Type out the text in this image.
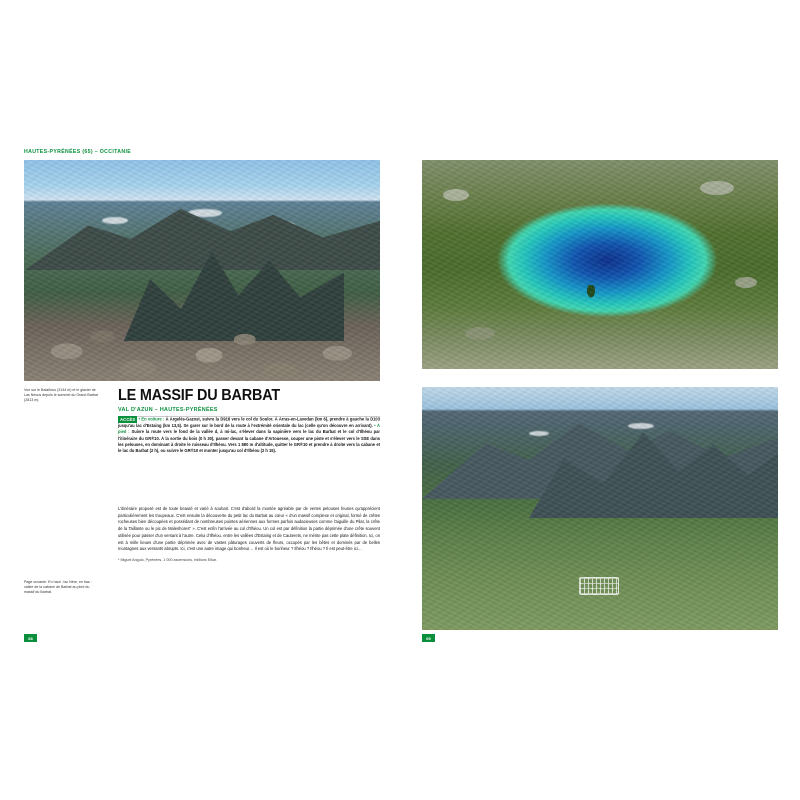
HAUTES-PYRÉNÉES (65) – OCCITANIE
Vue sur le Balaïtous (3144 m) et le glacier de Las Néous depuis le sommet du Grand Barbat (2813 m).	LE MASSIF DU BARBAT
VAL D'AZUN – HAUTES-PYRÉNÉES
ACCÈS • En voiture : À Argelès-Gazost, suivre la D918 vers le col du Soulor. À Arras-en-Lavedan (km 6), prendre à gauche la D103 jusqu'au lac d'Estaing (km 13,5). Se garer sur le bord de la route à l'extrémité orientale du lac (celle qu'on découvre en arrivant). • À pied : Suivre la route vers le fond de la vallée d, à mi-lac, s'élever dans la sapinière vers le lac du Barbat et le col d'Ilhéou par l'itinéraire du GR®10. À la sortie du bois (0 h 30), passer devant la cabane d'Artouesse, couper une piste et s'élever vers le SSE dans les pelouses, en dominant à droite le ruisseau d'Ilhéou. Vers 1 880 m d'altitude, quitter le GR®10 et prendre à droite vers la cabane et le lac du Barbat (2 h), ou suivre le GR®10 et monter jusqu'au col d'Ilhéou (2 h 15).

L'itinéraire proposé est de toute beauté et varié à souhait. C'est d'abord la montée agréable par de vertes pelouses feuries qu'apprécient particulièrement les troupeaux. C'est ensuite la découverte du petit lac du Barbat au cœur « d'un massif complexe et original, formé de crêtes rocheuses bien découpées et possédant de nombreuses pointes aériennes aux formes parfois audacieuses comme l'aiguille du Pilat, la crête de la Taillante ou le pic de Maleshores" ». C'est enfin l'arrivée au col d'Ilhéou. Un col est par définition la partie déprimée d'une crête souvent utilisée pour passer d'un versant à l'autre. Celui d'Ilhéou, entre les vallées d'Estaing et de Cauterets, ne mérite pas cette plate définition. Ici, on est à mille lieues d'une partie déprimée avec de vastes pâturages couverts de fleurs, occupés par les bêtes et dominés par de belles montagnes aux versants abrupts. Ici, c'est une autre image qui bonheur… Il est où le bonheur ? Ilhéou ? Ilhéou ? Il est peut-être ici…

* Miguel Angulo, Pyrénées, 1 000 ascensions, éditions Elkar.

Page ouvante. En haut : lac Nère, en bas : vallée de la cabane de Barbat au pied du massif du Barbat.
68	69
